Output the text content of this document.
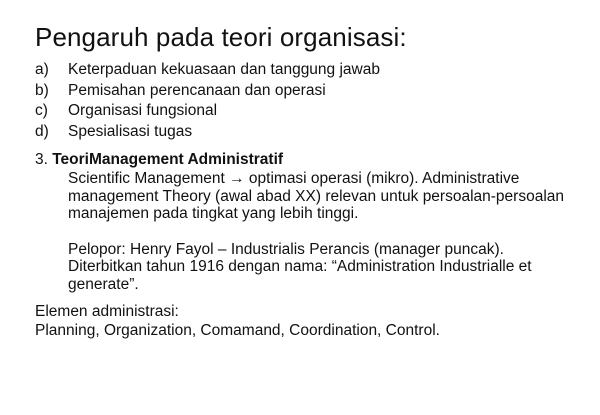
Pengaruh pada teori organisasi:
a)	Keterpaduan kekuasaan dan tanggung jawab
b)	Pemisahan perencanaan dan operasi
c)	Organisasi fungsional
d)	Spesialisasi tugas
3. TeoriManagement Administratif
Scientific Management → optimasi operasi (mikro). Administrative
management Theory (awal abad XX) relevan untuk persoalan-persoalan
manajemen pada tingkat yang lebih tinggi.
Pelopor: Henry Fayol – Industrialis Perancis (manager puncak).
Diterbitkan tahun 1916 dengan nama: “Administration Industrialle et
generate”.
Elemen administrasi:
Planning, Organization, Comamand, Coordination, Control.
